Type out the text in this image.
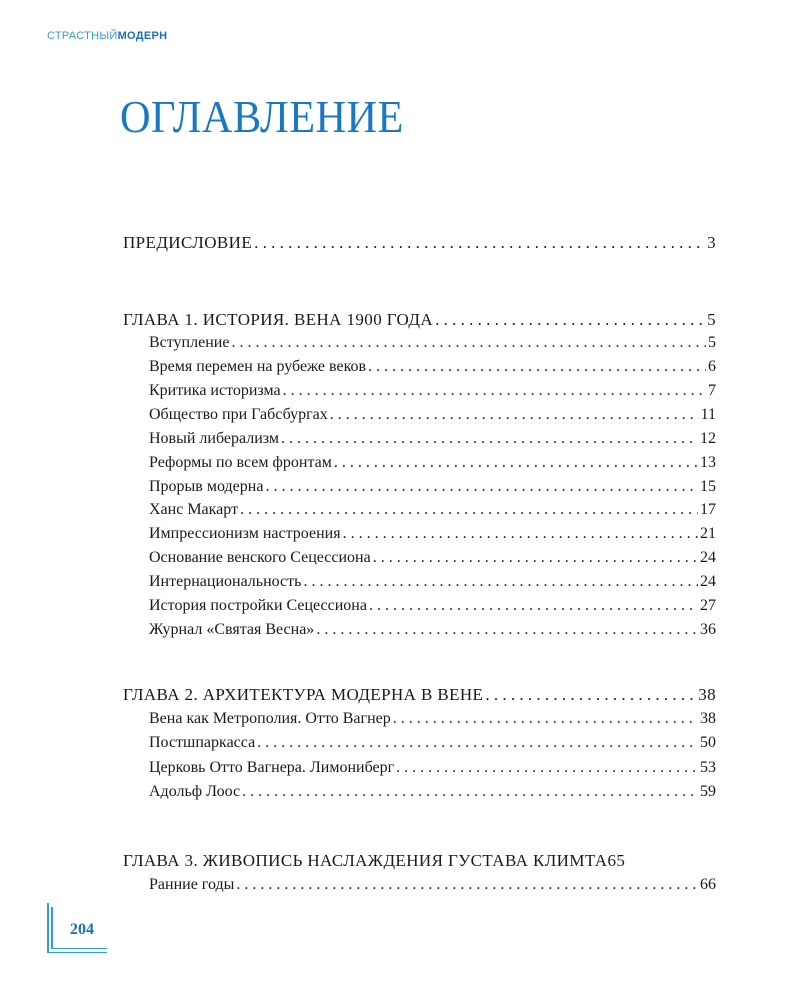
СТРАСТНЫЙМОДЕРН
ОГЛАВЛЕНИЕ
ПРЕДИСЛОВИЕ . . .	3
ГЛАВА 1. ИСТОРИЯ. ВЕНА 1900 ГОДА . . .	5
Вступление . . .	5
Время перемен на рубеже веков . . .	6
Критика историзма . . .	7
Общество при Габсбургах . . .	11
Новый либерализм . . .	12
Реформы по всем фронтам . . .	13
Прорыв модерна . . .	15
Ханс Макарт . . .	17
Импрессионизм настроения . . .	21
Основание венского Сецессиона . . .	24
Интернациональность . . .	24
История постройки Сецессиона . . .	27
Журнал «Святая Весна» . . .	36
ГЛАВА 2. АРХИТЕКТУРА МОДЕРНА В ВЕНЕ . . .	38
Вена как Метрополия. Отто Вагнер . . .	38
Постшпаркасса . . .	50
Церковь Отто Вагнера. Лимониберг . . .	53
Адольф Лоос . . .	59
ГЛАВА 3. ЖИВОПИСЬ НАСЛАЖДЕНИЯ ГУСТАВА КЛИМТА 65
Ранние годы . . .	66
204
